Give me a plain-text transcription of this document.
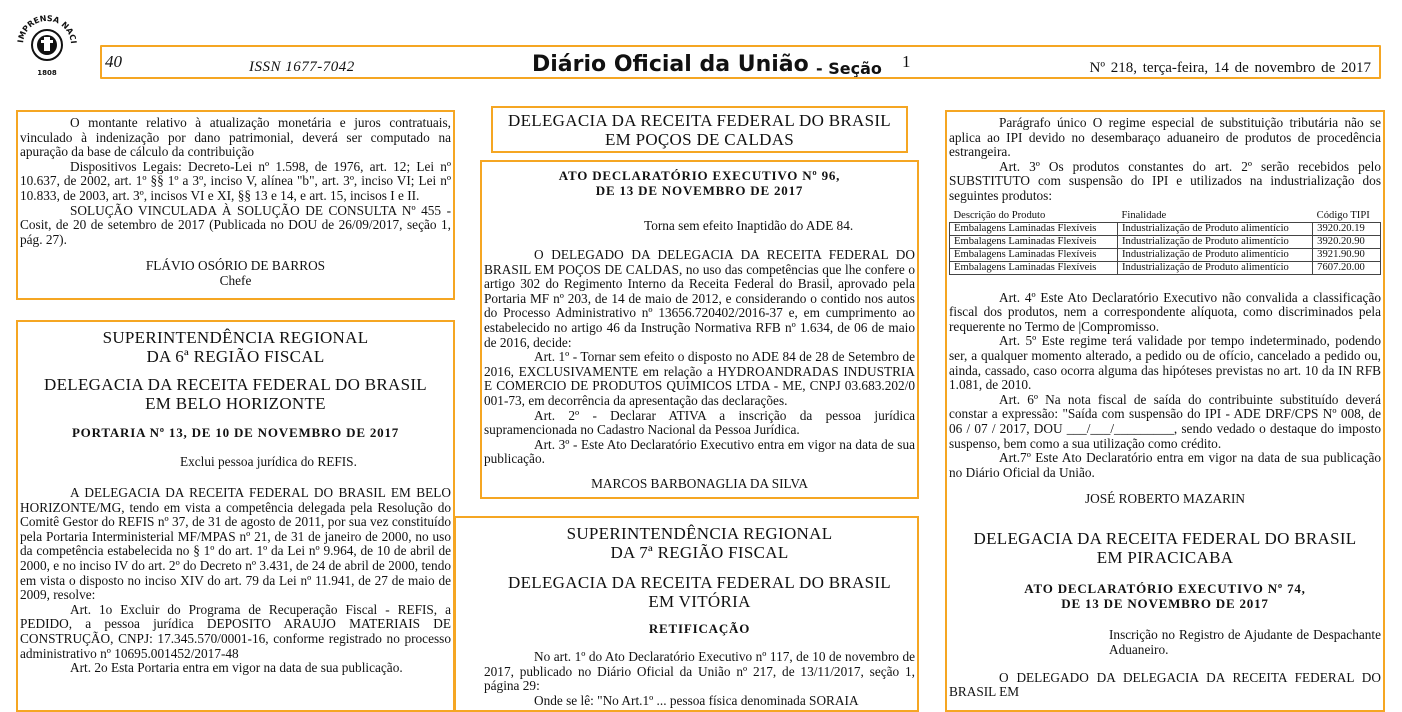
IMPRENSA NACI
1808
40	ISSN 1677-7042	Diário Oficial da União - Seção 1	Nº 218, terça-feira, 14 de novembro de 2017

O montante relativo à atualização monetária e juros contratuais, vinculado à indenização por dano patrimonial, deverá ser computado na apuração da base de cálculo da contribuição

Dispositivos Legais: Decreto-Lei nº 1.598, de 1976, art. 12; Lei nº 10.637, de 2002, art. 1º §§ 1º a 3º, inciso V, alínea "b", art. 3º, inciso VI; Lei nº 10.833, de 2003, art. 3º, incisos VI e XI, §§ 13 e 14, e art. 15, incisos I e II.

SOLUÇÃO VINCULADA À SOLUÇÃO DE CONSULTA Nº 455 - Cosit, de 20 de setembro de 2017 (Publicada no DOU de 26/09/2017, seção 1, pág. 27).

FLÁVIO OSÓRIO DE BARROS

Chefe

SUPERINTENDÊNCIA REGIONAL

DA 6ª REGIÃO FISCAL

DELEGACIA DA RECEITA FEDERAL DO BRASIL

EM BELO HORIZONTE

PORTARIA Nº 13, DE 10 DE NOVEMBRO DE 2017

Exclui pessoa jurídica do REFIS.

A DELEGACIA DA RECEITA FEDERAL DO BRASIL EM BELO HORIZONTE/MG, tendo em vista a competência delegada pela Resolução do Comitê Gestor do REFIS nº 37, de 31 de agosto de 2011, por sua vez constituído pela Portaria Interministerial MF/MPAS nº 21, de 31 de janeiro de 2000, no uso da competência estabelecida no § 1º do art. 1º da Lei nº 9.964, de 10 de abril de 2000, e no inciso IV do art. 2º do Decreto nº 3.431, de 24 de abril de 2000, tendo em vista o disposto no inciso XIV do art. 79 da Lei nº 11.941, de 27 de maio de 2009, resolve:

Art. 1o Excluir do Programa de Recuperação Fiscal - REFIS, a PEDIDO, a pessoa jurídica DEPOSITO ARAUJO MATERIAIS DE CONSTRUÇÃO, CNPJ: 17.345.570/0001-16, conforme registrado no processo administrativo nº 10695.001452/2017-48

Art. 2o Esta Portaria entra em vigor na data de sua publicação.

DELEGACIA DA RECEITA FEDERAL DO BRASIL

EM POÇOS DE CALDAS

ATO DECLARATÓRIO EXECUTIVO Nº 96,

DE 13 DE NOVEMBRO DE 2017

Torna sem efeito Inaptidão do ADE 84.

O DELEGADO DA DELEGACIA DA RECEITA FEDERAL DO BRASIL EM POÇOS DE CALDAS, no uso das competências que lhe confere o artigo 302 do Regimento Interno da Receita Federal do Brasil, aprovado pela Portaria MF nº 203, de 14 de maio de 2012, e considerando o contido nos autos do Processo Administrativo nº 13656.720402/2016-37 e, em cumprimento ao estabelecido no artigo 46 da Instrução Normativa RFB nº 1.634, de 06 de maio de 2016, decide:

Art. 1º - Tornar sem efeito o disposto no ADE 84 de 28 de Setembro de 2016, EXCLUSIVAMENTE em relação a HYDROANDRADAS INDUSTRIA E COMERCIO DE PRODUTOS QUIMICOS LTDA - ME, CNPJ 03.683.202/0 001-73, em decorrência da apresentação das declarações.

Art. 2º - Declarar ATIVA a inscrição da pessoa jurídica supramencionada no Cadastro Nacional da Pessoa Jurídica.

Art. 3º - Este Ato Declaratório Executivo entra em vigor na data de sua publicação.

MARCOS BARBONAGLIA DA SILVA

SUPERINTENDÊNCIA REGIONAL

DA 7ª REGIÃO FISCAL

DELEGACIA DA RECEITA FEDERAL DO BRASIL

EM VITÓRIA

RETIFICAÇÃO

No art. 1º do Ato Declaratório Executivo nº 117, de 10 de novembro de 2017, publicado no Diário Oficial da União nº 217, de 13/11/2017, seção 1, página 29:

Onde se lê: "No Art.1º ... pessoa física denominada SORAIA

Parágrafo único O regime especial de substituição tributária não se aplica ao IPI devido no desembaraço aduaneiro de produtos de procedência estrangeira.

Art. 3º Os produtos constantes do art. 2º serão recebidos pelo SUBSTITUTO com suspensão do IPI e utilizados na industrialização dos seguintes produtos:

Descrição do Produto	Finalidade	Código TIPI
Embalagens Laminadas Flexíveis	Industrialização de Produto alimentício	3920.20.19
Embalagens Laminadas Flexíveis	Industrialização de Produto alimentício	3920.20.90
Embalagens Laminadas Flexíveis	Industrialização de Produto alimentício	3921.90.90
Embalagens Laminadas Flexíveis	Industrialização de Produto alimentício	7607.20.00

Art. 4º Este Ato Declaratório Executivo não convalida a classificação fiscal dos produtos, nem a correspondente alíquota, como discriminados pela requerente no Termo de |Compromisso.

Art. 5º Este regime terá validade por tempo indeterminado, podendo ser, a qualquer momento alterado, a pedido ou de ofício, cancelado a pedido ou, ainda, cassado, caso ocorra alguma das hipóteses previstas no art. 10 da IN RFB 1.081, de 2010.

Art. 6º Na nota fiscal de saída do contribuinte substituído deverá constar a expressão: "Saída com suspensão do IPI - ADE DRF/CPS Nº 008, de 06 / 07 / 2017, DOU ___/___/_________, sendo vedado o destaque do imposto suspenso, bem como a sua utilização como crédito.

Art.7º Este Ato Declaratório entra em vigor na data de sua publicação no Diário Oficial da União.

JOSÉ ROBERTO MAZARIN

DELEGACIA DA RECEITA FEDERAL DO BRASIL

EM PIRACICABA

ATO DECLARATÓRIO EXECUTIVO Nº 74,

DE 13 DE NOVEMBRO DE 2017

Inscrição no Registro de Ajudante de Despachante Aduaneiro.

O DELEGADO DA DELEGACIA DA RECEITA FEDERAL DO BRASIL EM
